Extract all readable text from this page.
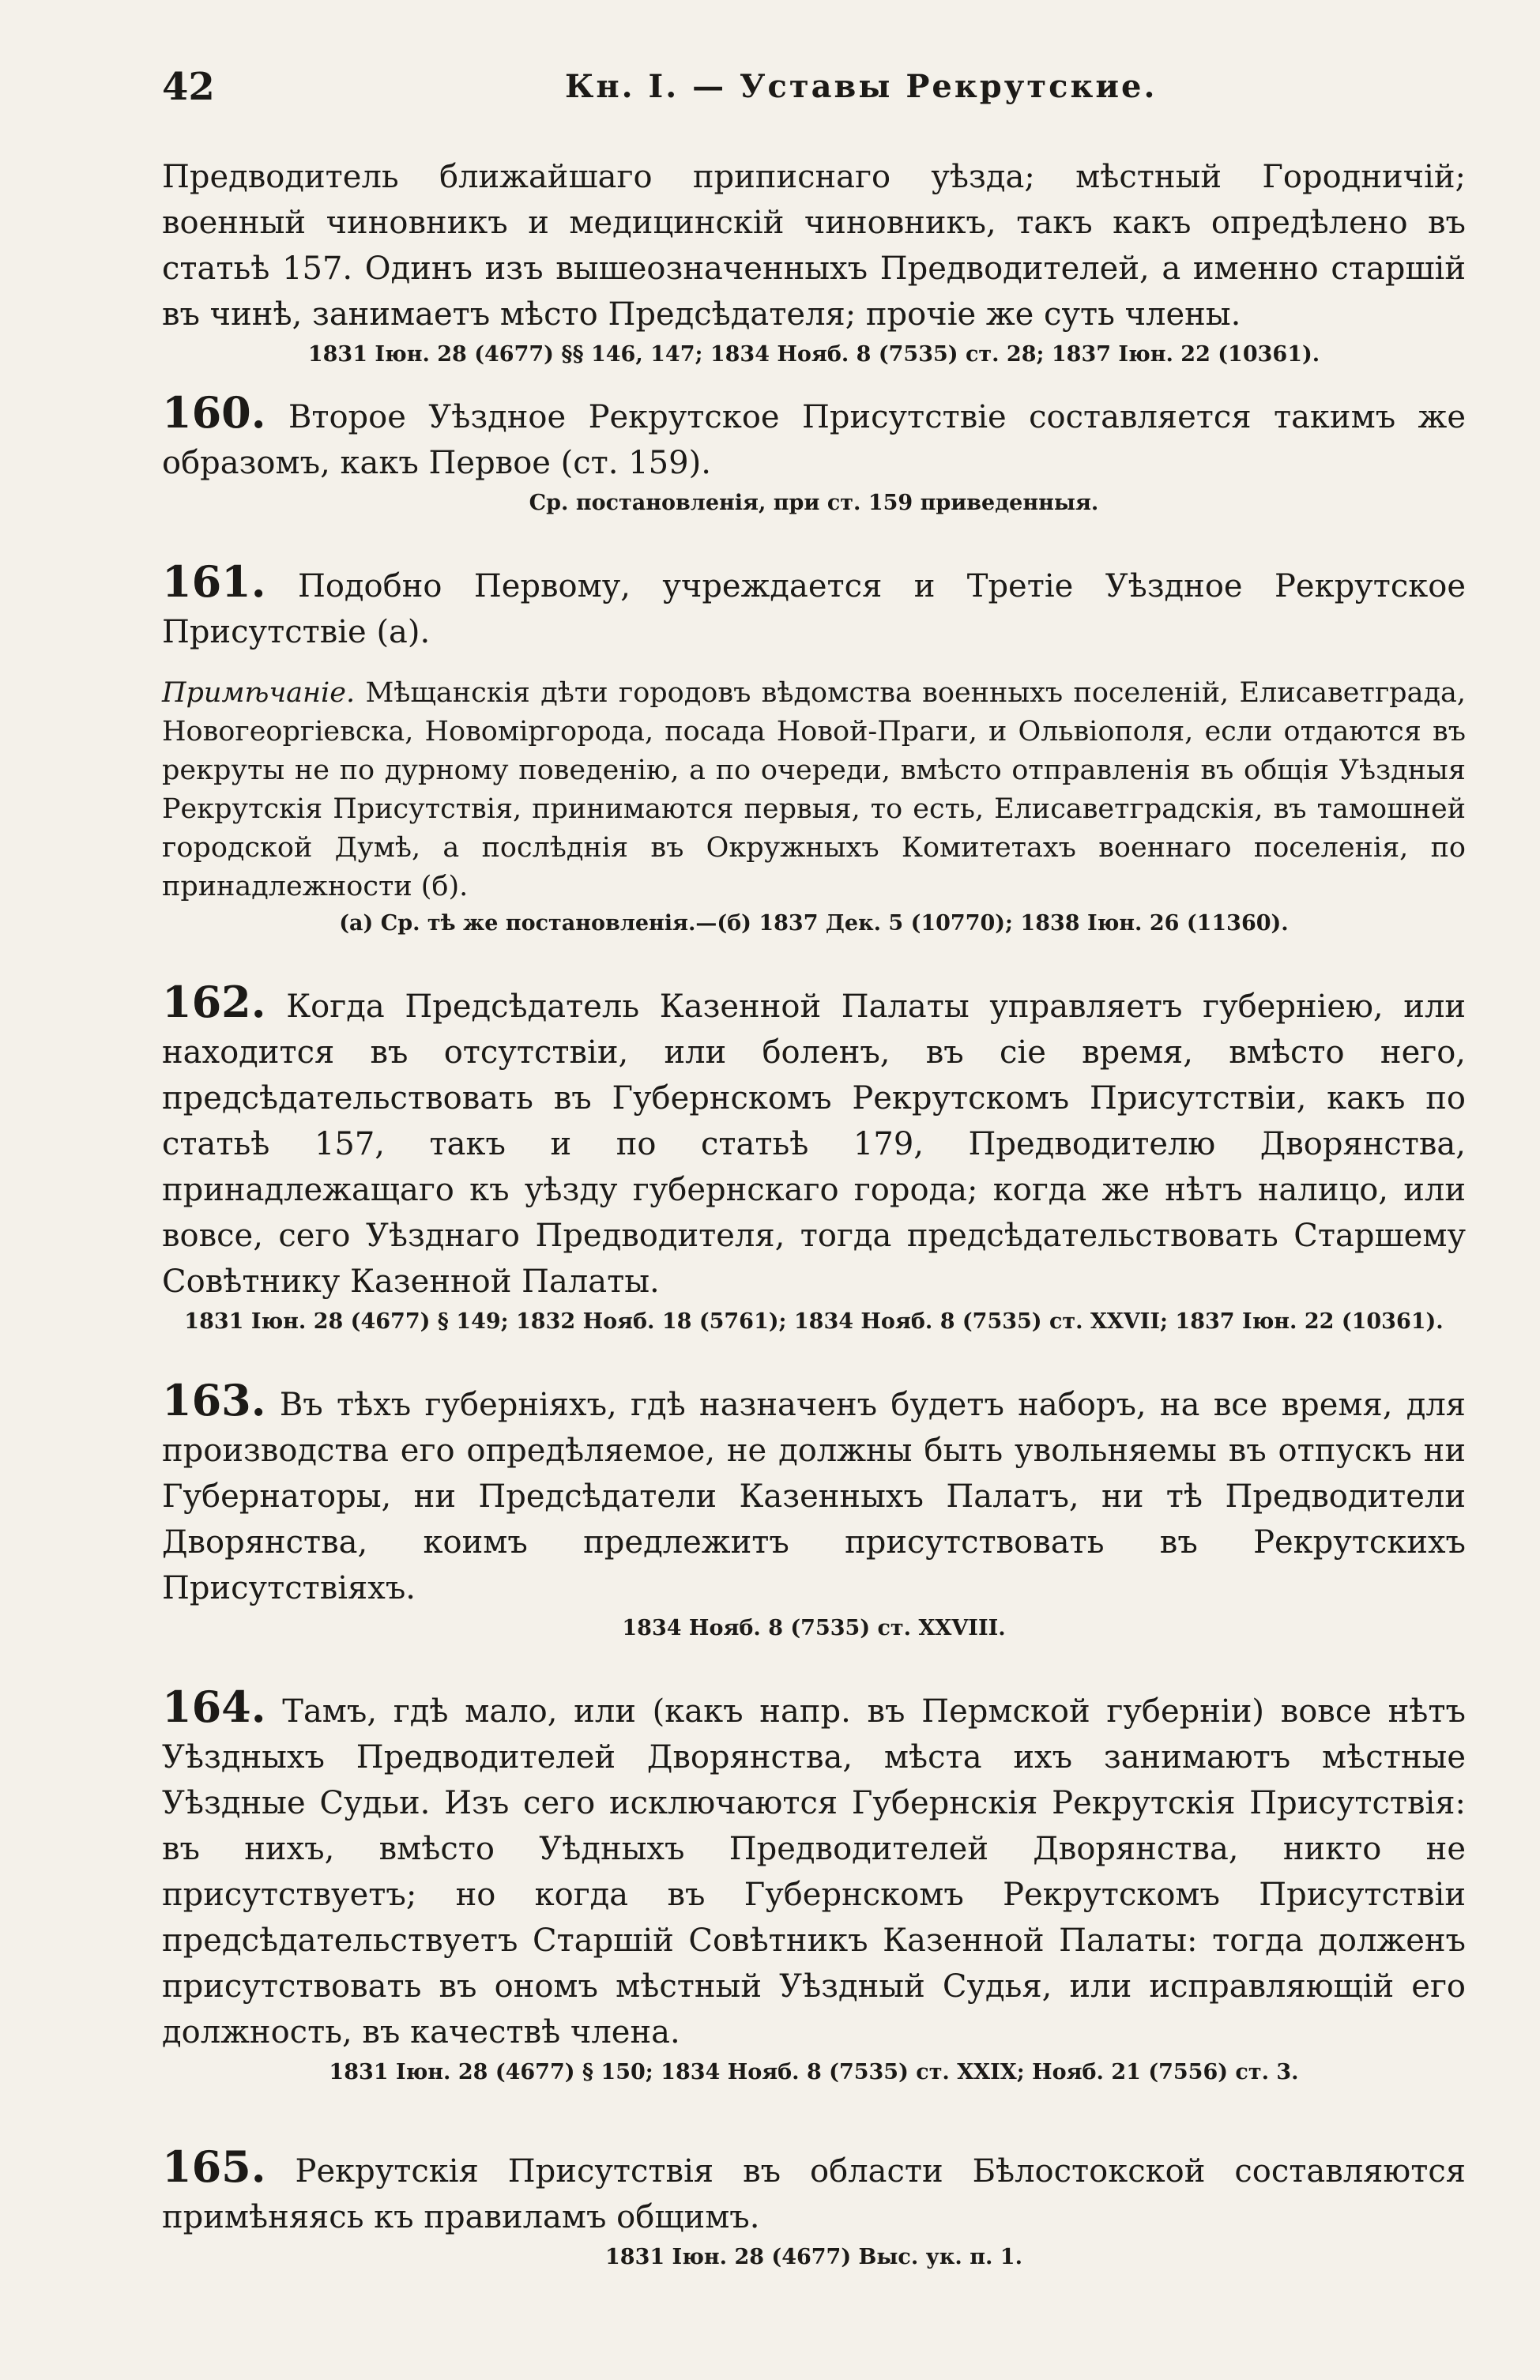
42	Кн. I. — Уставы Рекрутские.

Предводитель ближайшаго приписнаго уѣзда; мѣстный Городничій; военный чиновникъ и медицинскій чиновникъ, такъ какъ опредѣлено въ статьѣ 157. Одинъ изъ вышеозначенныхъ Предводителей, а именно старшій въ чинѣ, занимаетъ мѣсто Предсѣдателя; прочіе же суть члены.

1831 Іюн. 28 (4677) §§ 146, 147; 1834 Нояб. 8 (7535) ст. 28; 1837 Іюн. 22 (10361).

160. Второе Уѣздное Рекрутское Присутствіе составляется такимъ же образомъ, какъ Первое (ст. 159).

Ср. постановленія, при ст. 159 приведенныя.

161. Подобно Первому, учреждается и Третіе Уѣздное Рекрутское Присутствіе (а).

Примѣчаніе. Мѣщанскія дѣти городовъ вѣдомства военныхъ поселеній, Елисаветграда, Новогеоргіевска, Новоміргорода, посада Новой-Праги, и Ольвіополя, если отдаются въ рекруты не по дурному поведенію, а по очереди, вмѣсто отправленія въ общія Уѣздныя Рекрутскія Присутствія, принимаются первыя, то есть, Елисаветградскія, въ тамошней городской Думѣ, а послѣднія въ Окружныхъ Комитетахъ военнаго поселенія, по принадлежности (б).

(а) Ср. тѣ же постановленія.—(б) 1837 Дек. 5 (10770); 1838 Іюн. 26 (11360).

162. Когда Предсѣдатель Казенной Палаты управляетъ губерніею, или находится въ отсутствіи, или боленъ, въ сіе время, вмѣсто него, предсѣдательствовать въ Губернскомъ Рекрутскомъ Присутствіи, какъ по статьѣ 157, такъ и по статьѣ 179, Предводителю Дворянства, принадлежащаго къ уѣзду губернскаго города; когда же нѣтъ налицо, или вовсе, сего Уѣзднаго Предводителя, тогда предсѣдательствовать Старшему Совѣтнику Казенной Палаты.

1831 Іюн. 28 (4677) § 149; 1832 Нояб. 18 (5761); 1834 Нояб. 8 (7535) ст. XXVII; 1837 Іюн. 22 (10361).

163. Въ тѣхъ губерніяхъ, гдѣ назначенъ будетъ наборъ, на все время, для производства его опредѣляемое, не должны быть увольняемы въ отпускъ ни Губернаторы, ни Предсѣдатели Казенныхъ Палатъ, ни тѣ Предводители Дворянства, коимъ предлежитъ присутствовать въ Рекрутскихъ Присутствіяхъ.

1834 Нояб. 8 (7535) ст. XXVIII.

164. Тамъ, гдѣ мало, или (какъ напр. въ Пермской губерніи) вовсе нѣтъ Уѣздныхъ Предводителей Дворянства, мѣста ихъ занимаютъ мѣстные Уѣздные Судьи. Изъ сего исключаются Губернскія Рекрутскія Присутствія: въ нихъ, вмѣсто Уѣдныхъ Предводителей Дворянства, никто не присутствуетъ; но когда въ Губернскомъ Рекрутскомъ Присутствіи предсѣдательствуетъ Старшій Совѣтникъ Казенной Палаты: тогда долженъ присутствовать въ ономъ мѣстный Уѣздный Судья, или исправляющій его должность, въ качествѣ члена.

1831 Іюн. 28 (4677) § 150; 1834 Нояб. 8 (7535) ст. XXIX; Нояб. 21 (7556) ст. 3.

165. Рекрутскія Присутствія въ области Бѣлостокской составляются примѣняясь къ правиламъ общимъ.

1831 Іюн. 28 (4677) Выс. ук. п. 1.
